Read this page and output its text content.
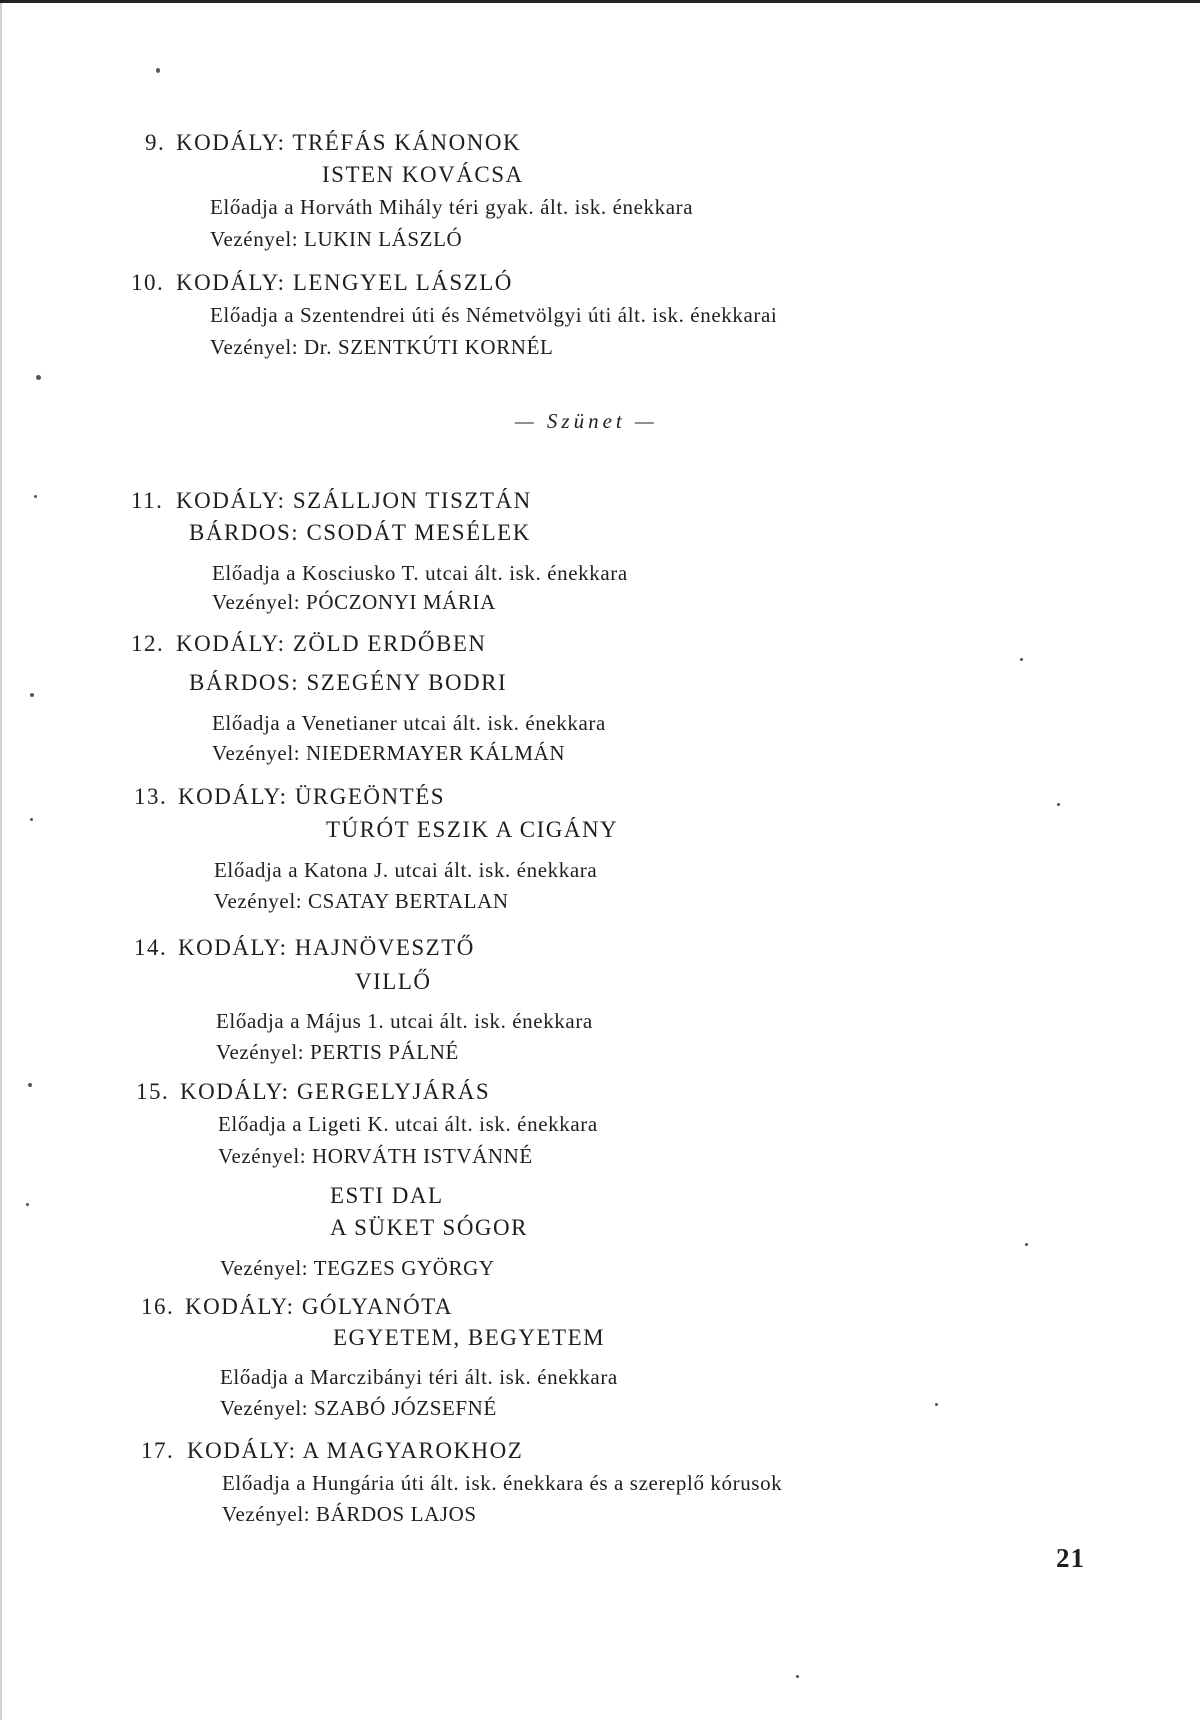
9. KODÁLY: TRÉFÁS KÁNONOK
ISTEN KOVÁCSA
Előadja a Horváth Mihály téri gyak. ált. isk. énekkara
Vezényel: LUKIN LÁSZLÓ
10. KODÁLY: LENGYEL LÁSZLÓ
Előadja a Szentendrei úti és Németvölgyi úti ált. isk. énekkarai
Vezényel: Dr. SZENTKÚTI KORNÉL
— Szünet —
11. KODÁLY: SZÁLLJON TISZTÁN
BÁRDOS: CSODÁT MESÉLEK
Előadja a Kosciusko T. utcai ált. isk. énekkara
Vezényel: PÓCZONYI MÁRIA
12. KODÁLY: ZÖLD ERDŐBEN
BÁRDOS: SZEGÉNY BODRI
Előadja a Venetianer utcai ált. isk. énekkara
Vezényel: NIEDERMAYER KÁLMÁN
13. KODÁLY: ÜRGEÖNTÉS
TÚRÓT ESZIK A CIGÁNY
Előadja a Katona J. utcai ált. isk. énekkara
Vezényel: CSATAY BERTALAN
14. KODÁLY: HAJNÖVESZTŐ
VILLŐ
Előadja a Május 1. utcai ált. isk. énekkara
Vezényel: PERTIS PÁLNÉ
15. KODÁLY: GERGELYJÁRÁS
Előadja a Ligeti K. utcai ált. isk. énekkara
Vezényel: HORVÁTH ISTVÁNNÉ
ESTI DAL
A SÜKET SÓGOR
Vezényel: TEGZES GYÖRGY
16. KODÁLY: GÓLYANÓTA
EGYETEM, BEGYETEM
Előadja a Marczibányi téri ált. isk. énekkara
Vezényel: SZABÓ JÓZSEFNÉ
17. KODÁLY: A MAGYAROKHOZ
Előadja a Hungária úti ált. isk. énekkara és a szereplő kórusok
Vezényel: BÁRDOS LAJOS
21
